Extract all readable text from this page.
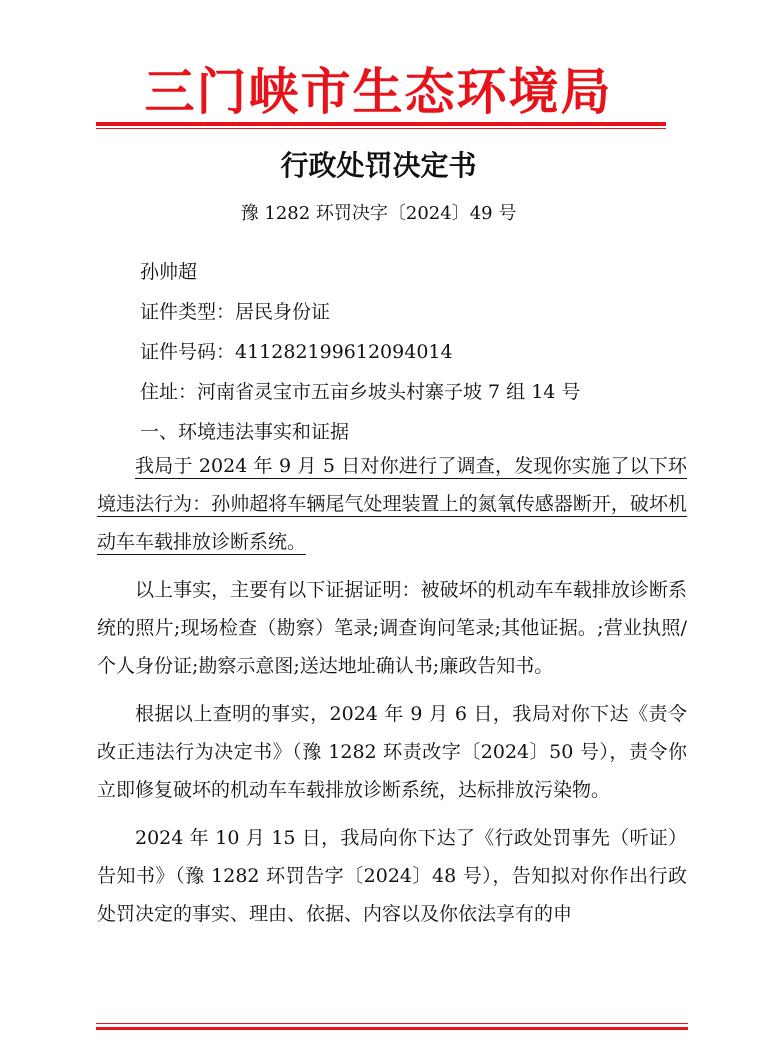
三门峡市生态环境局
行政处罚决定书
豫 1282 环罚决字〔2024〕49 号
孙帅超
证件类型：居民身份证
证件号码：411282199612094014
住址：河南省灵宝市五亩乡坡头村寨子坡 7 组 14 号
一、环境违法事实和证据

我局于 2024 年 9 月 5 日对你进行了调查，发现你实施了以下环境违法行为：孙帅超将车辆尾气处理装置上的氮氧传感器断开，破坏机动车车载排放诊断系统。

以上事实，主要有以下证据证明：被破坏的机动车车载排放诊断系统的照片;现场检查（勘察）笔录;调查询问笔录;其他证据。;营业执照/个人身份证;勘察示意图;送达地址确认书;廉政告知书。

根据以上查明的事实，2024 年 9 月 6 日，我局对你下达《责令改正违法行为决定书》（豫 1282 环责改字〔2024〕50 号），责令你立即修复破坏的机动车车载排放诊断系统，达标排放污染物。

2024 年 10 月 15 日，我局向你下达了《行政处罚事先（听证）告知书》（豫 1282 环罚告字〔2024〕48 号），告知拟对你作出行政处罚决定的事实、理由、依据、内容以及你依法享有的申
